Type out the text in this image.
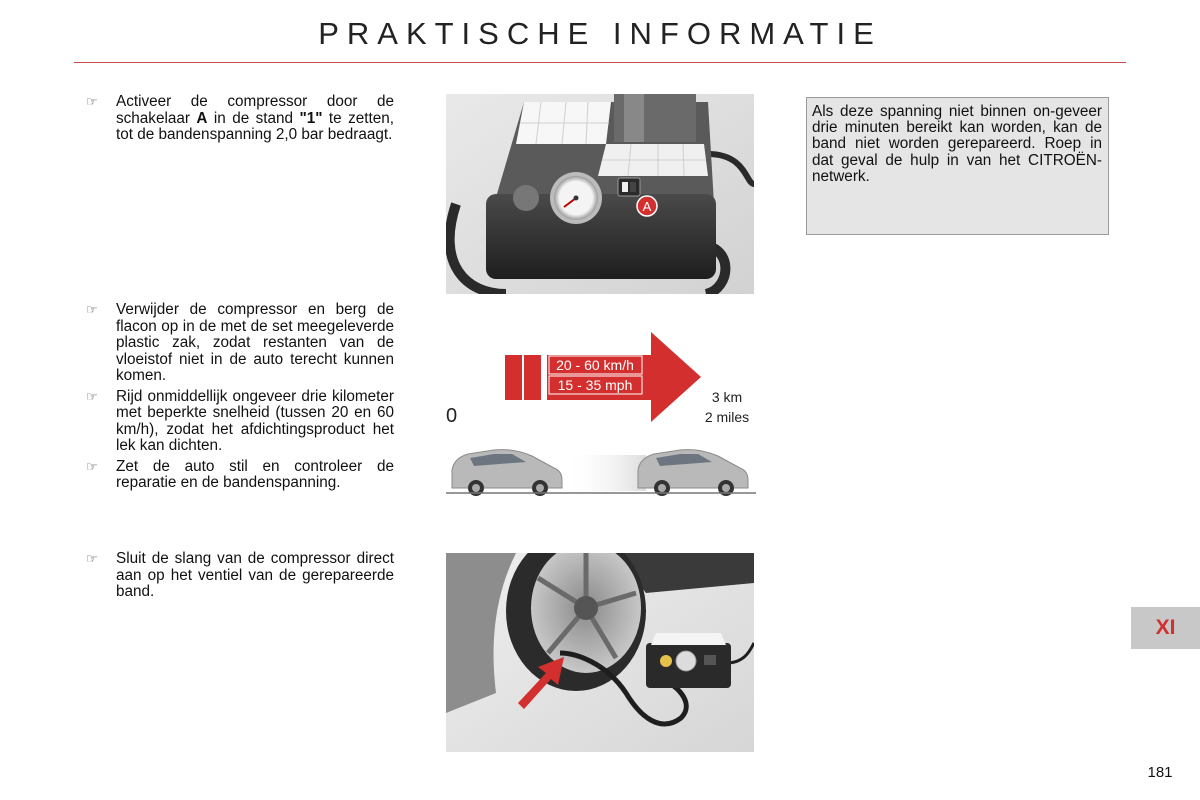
PRAKTISCHE INFORMATIE
☞ Activeer de compressor door de schakelaar A in de stand "1" te zetten, tot de bandenspanning 2,0 bar bedraagt.
☞ Verwijder de compressor en berg de flacon op in de met de set meegeleverde plastic zak, zodat restanten van de vloeistof niet in de auto terecht kunnen komen.
☞ Rijd onmiddellijk ongeveer drie kilometer met beperkte snelheid (tussen 20 en 60 km/h), zodat het afdichtingsproduct het lek kan dichten.
☞ Zet de auto stil en controleer de reparatie en de bandenspanning.
☞ Sluit de slang van de compressor direct aan op het ventiel van de gerepareerde band.
A
20 - 60 km/h
15 - 35 mph
0
3 km
2 miles
Als deze spanning niet binnen on-geveer drie minuten bereikt kan worden, kan de band niet worden gerepareerd. Roep in dat geval de hulp in van het CITROËN-netwerk.
XI
181
